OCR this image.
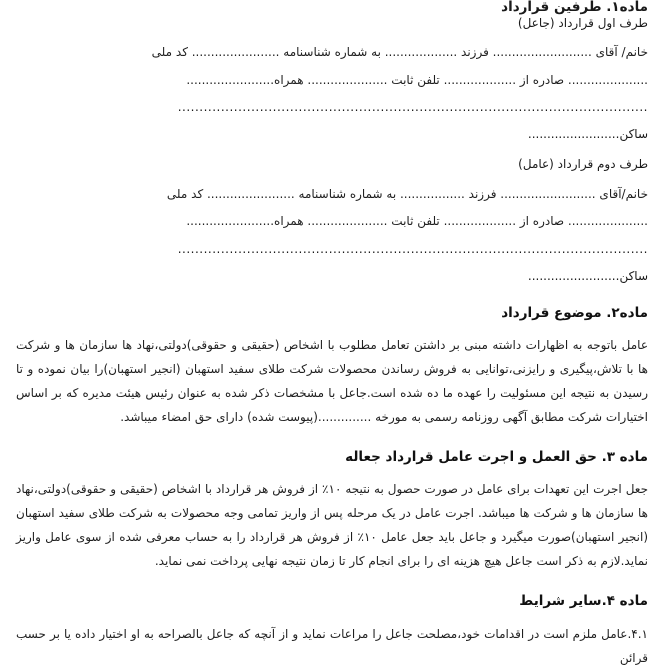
ماده۱. طرفین قرارداد

طرف اول قرارداد (جاعل)

خانم/ آقای .......................... فرزند ................... به شماره شناسنامه ....................... کد ملی

..................... صادره از ................... تلفن ثابت ..................... همراه.......................

.............................................................................................................

ساکن........................

طرف دوم قرارداد (عامل)

خانم/آقای ......................... فرزند ................. به شماره شناسنامه ....................... کد ملی

..................... صادره از ................... تلفن ثابت ..................... همراه.......................

.............................................................................................................

ساکن........................

ماده۲. موضوع قرارداد

عامل باتوجه به اظهارات داشته مبنی بر داشتن تعامل مطلوب با اشخاص (حقیقی و حقوقی)دولتی،نهاد ها سازمان ها و شرکت ها با تلاش،پیگیری و رایزنی،توانایی به فروش رساندن محصولات شرکت طلای سفید استهبان (انجیر استهبان)را بیان نموده و تا رسیدن به نتیجه این مسئولیت را عهده ما ده شده است.جاعل با مشخصات ذکر شده به عنوان رئیس هیئت مدیره که بر اساس اختیارات شرکت مطابق آگهی روزنامه رسمی به مورخه ..............(پیوست شده) دارای حق امضاء میباشد.

ماده ۳. حق العمل و اجرت عامل قرارداد جعاله

جعل اجرت این تعهدات برای عامل در صورت حصول به نتیجه ۱۰٪ از فروش هر قرارداد با اشخاص (حقیقی و حقوقی)دولتی،نهاد ها سازمان ها و شرکت ها میباشد. اجرت عامل در یک مرحله پس از واریز تمامی وجه محصولات به شرکت طلای سفید استهبان (انجیر استهبان)صورت میگیرد و جاعل باید جعل عامل ۱۰٪ از فروش هر قرارداد را به حساب معرفی شده از سوی عامل واریز نماید.لازم به ذکر است جاعل هیچ هزینه ای را برای انجام کار تا زمان نتیجه نهایی پرداخت نمی نماید.

ماده ۴.سایر شرایط

۴.۱.عامل ملزم است در اقدامات خود،مصلحت جاعل را مراعات نماید و از آنچه که جاعل بالصراحه به او اختیار داده یا بر حسب قرائن
